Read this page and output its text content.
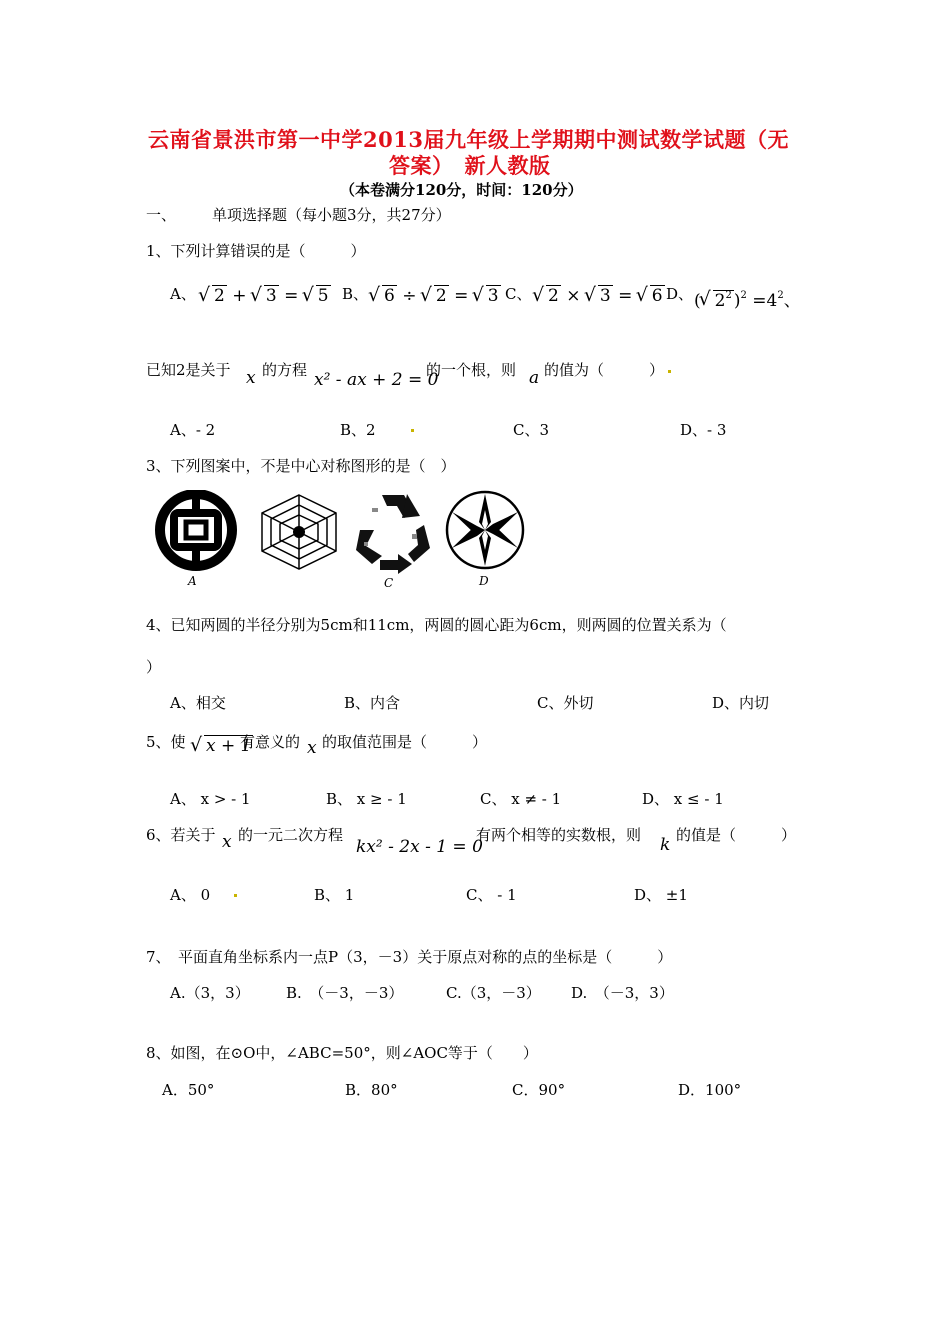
云南省景洪市第一中学2013届九年级上学期期中测试数学试题（无
答案）　新人教版
（本卷满分120分，时间：120分）
一、 单项选择题（每小题3分，共27分）
1、下列计算错误的是（　　　）
A、	√ 2 + √ 3 = √ 5 B、 √ 6 ÷ √ 2 = √ 3 C、 √ 2 × √ 3 = √ 6 D、 ( √ $2^2$ )$^2 =4^2$、
已知2是关于 x 的方程 x² - ax + 2 = 0
的一个根，则 a 的值为（　　　）
A、- 2	B、2	C、3	D、- 3
3、下列图案中，不是中心对称图形的是（　）
A	C	D
4、已知两圆的半径分别为5cm和11cm，两圆的圆心距为6cm，则两圆的位置关系为（
）
A、相交	B、内含	C、外切	D、内切
5、使	√ x + 1
有意义的 x 的取值范围是（　　　）
A、 x > - 1	B、 x ≥ - 1	C、 x ≠ - 1	D、 x ≤ - 1
6、若关于 x 的一元二次方程
kx² - 2x - 1 = 0
有两个相等的实数根，则 k 的值是（　　　）
A、 0	B、 1	C、 - 1	D、 ±1
7、　平面直角坐标系内一点P（3，－3）关于原点对称的点的坐标是（　　　）
A.（3，3） B.　（－3，－3）	C.（3，－3） D.　（－3，3）
8、如图，在⊙O中，∠ABC=50°，则∠AOC等于（　　）
A．50°	B．80°	C．90°	D．100°
